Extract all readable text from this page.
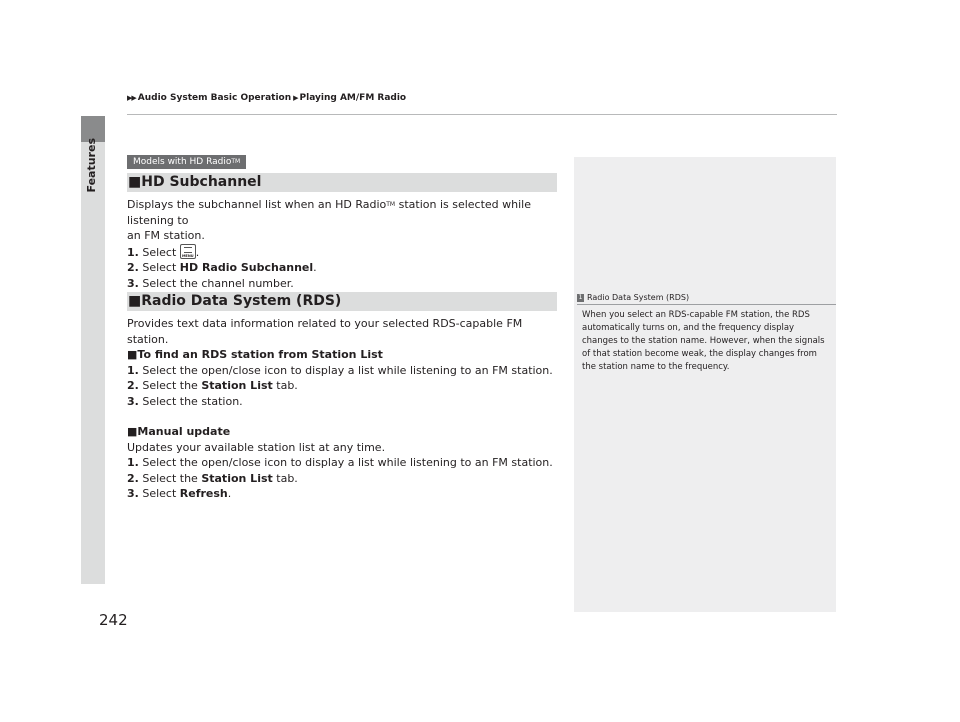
Features
242
▶▶ Audio System Basic Operation ▶ Playing AM/FM Radio
Models with HD Radio™
■HD Subchannel
Displays the subchannel list when an HD Radio™ station is selected while listening to
an FM station.
1. Select MENU.
2. Select HD Radio Subchannel.
3. Select the channel number.
■Radio Data System (RDS)
Provides text data information related to your selected RDS-capable FM station.
■To find an RDS station from Station List
1. Select the open/close icon to display a list while listening to an FM station.
2. Select the Station List tab.
3. Select the station.
■Manual update
Updates your available station list at any time.
1. Select the open/close icon to display a list while listening to an FM station.
2. Select the Station List tab.
3. Select Refresh.
1 Radio Data System (RDS)
When you select an RDS-capable FM station, the RDS automatically turns on, and the frequency display changes to the station name. However, when the signals of that station become weak, the display changes from the station name to the frequency.
